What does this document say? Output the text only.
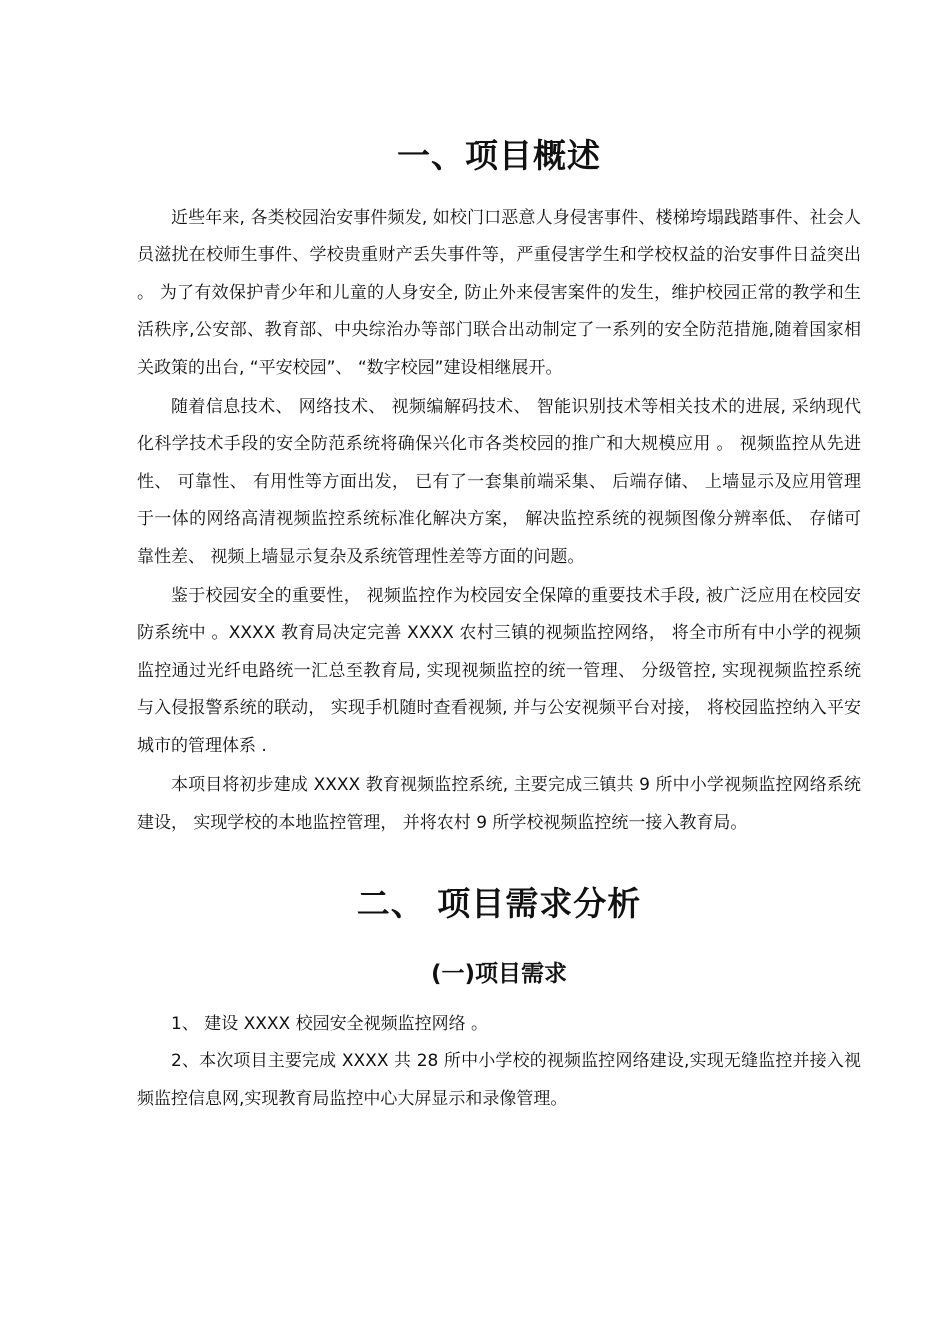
一、项目概述

近些年来, 各类校园治安事件频发, 如校门口恶意人身侵害事件、楼梯垮塌践踏事件、社会人员滋扰在校师生事件、学校贵重财产丢失事件等，严重侵害学生和学校权益的治安事件日益突出 。 为了有效保护青少年和儿童的人身安全, 防止外来侵害案件的发生，维护校园正常的教学和生活秩序,公安部、教育部、中央综治办等部门联合出动制定了一系列的安全防范措施,随着国家相关政策的出台, “平安校园”、 “数字校园”建设相继展开。

随着信息技术、 网络技术、 视频编解码技术、 智能识别技术等相关技术的进展, 采纳现代化科学技术手段的安全防范系统将确保兴化市各类校园的推广和大规模应用 。 视频监控从先进性、 可靠性、 有用性等方面出发， 已有了一套集前端采集、 后端存储、 上墙显示及应用管理于一体的网络高清视频监控系统标准化解决方案， 解决监控系统的视频图像分辨率低、 存储可靠性差、 视频上墙显示复杂及系统管理性差等方面的问题。

鉴于校园安全的重要性， 视频监控作为校园安全保障的重要技术手段, 被广泛应用在校园安防系统中 。XXXX 教育局决定完善 XXXX 农村三镇的视频监控网络， 将全市所有中小学的视频监控通过光纤电路统一汇总至教育局, 实现视频监控的统一管理、 分级管控, 实现视频监控系统与入侵报警系统的联动， 实现手机随时查看视频, 并与公安视频平台对接， 将校园监控纳入平安城市的管理体系 .

本项目将初步建成 XXXX 教育视频监控系统, 主要完成三镇共 9 所中小学视频监控网络系统建设， 实现学校的本地监控管理， 并将农村 9 所学校视频监控统一接入教育局。

二、 项目需求分析
(一)项目需求

1、 建设 XXXX 校园安全视频监控网络 。

2、本次项目主要完成 XXXX 共 28 所中小学校的视频监控网络建设,实现无缝监控并接入视频监控信息网,实现教育局监控中心大屏显示和录像管理。
